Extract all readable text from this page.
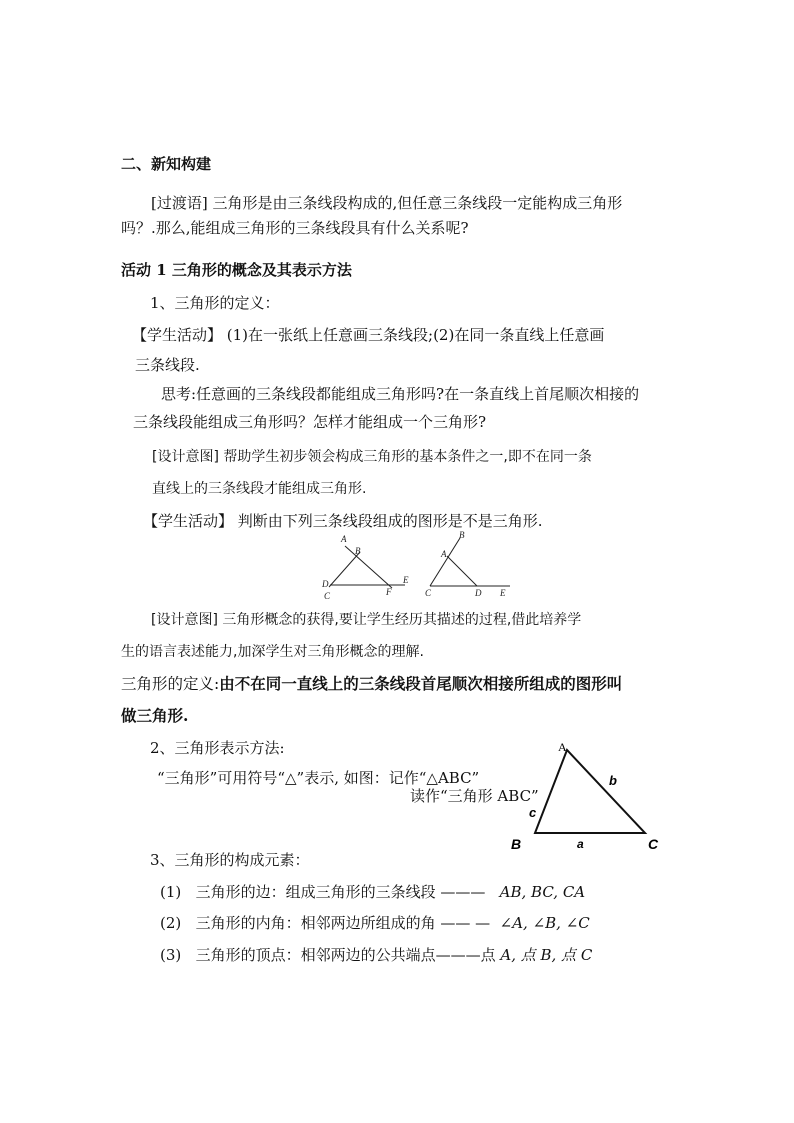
二、新知构建
[过渡语] 三角形是由三条线段构成的,但任意三条线段一定能构成三角形
吗？.那么,能组成三角形的三条线段具有什么关系呢?
活动 1 三角形的概念及其表示方法
1、三角形的定义：
【学生活动】 (1)在一张纸上任意画三条线段;(2)在同一条直线上任意画
三条线段.
思考:任意画的三条线段都能组成三角形吗?在一条直线上首尾顺次相接的
三条线段能组成三角形吗？怎样才能组成一个三角形?
[设计意图] 帮助学生初步领会构成三角形的基本条件之一,即不在同一条
直线上的三条线段才能组成三角形.
【学生活动】 判断由下列三条线段组成的图形是不是三角形.
A
B
D
C	F
E
B
A
C	D E
[设计意图] 三角形概念的获得,要让学生经历其描述的过程,借此培养学
生的语言表述能力,加深学生对三角形概念的理解.
三角形的定义:由不在同一直线上的三条线段首尾顺次相接所组成的图形叫
做三角形.
2、三角形表示方法:
“三角形”可用符号“△”表示, 如图：记作“△ABC”
读作“三角形 ABC”
A
B	C
b
c
a
3、三角形的构成元素：
(1) 三角形的边：组成三角形的三条线段 ——— AB, BC, CA
(2) 三角形的内角：相邻两边所组成的角 —— — ∠A, ∠B, ∠C
(3) 三角形的顶点：相邻两边的公共端点———点 A, 点 B, 点 C
